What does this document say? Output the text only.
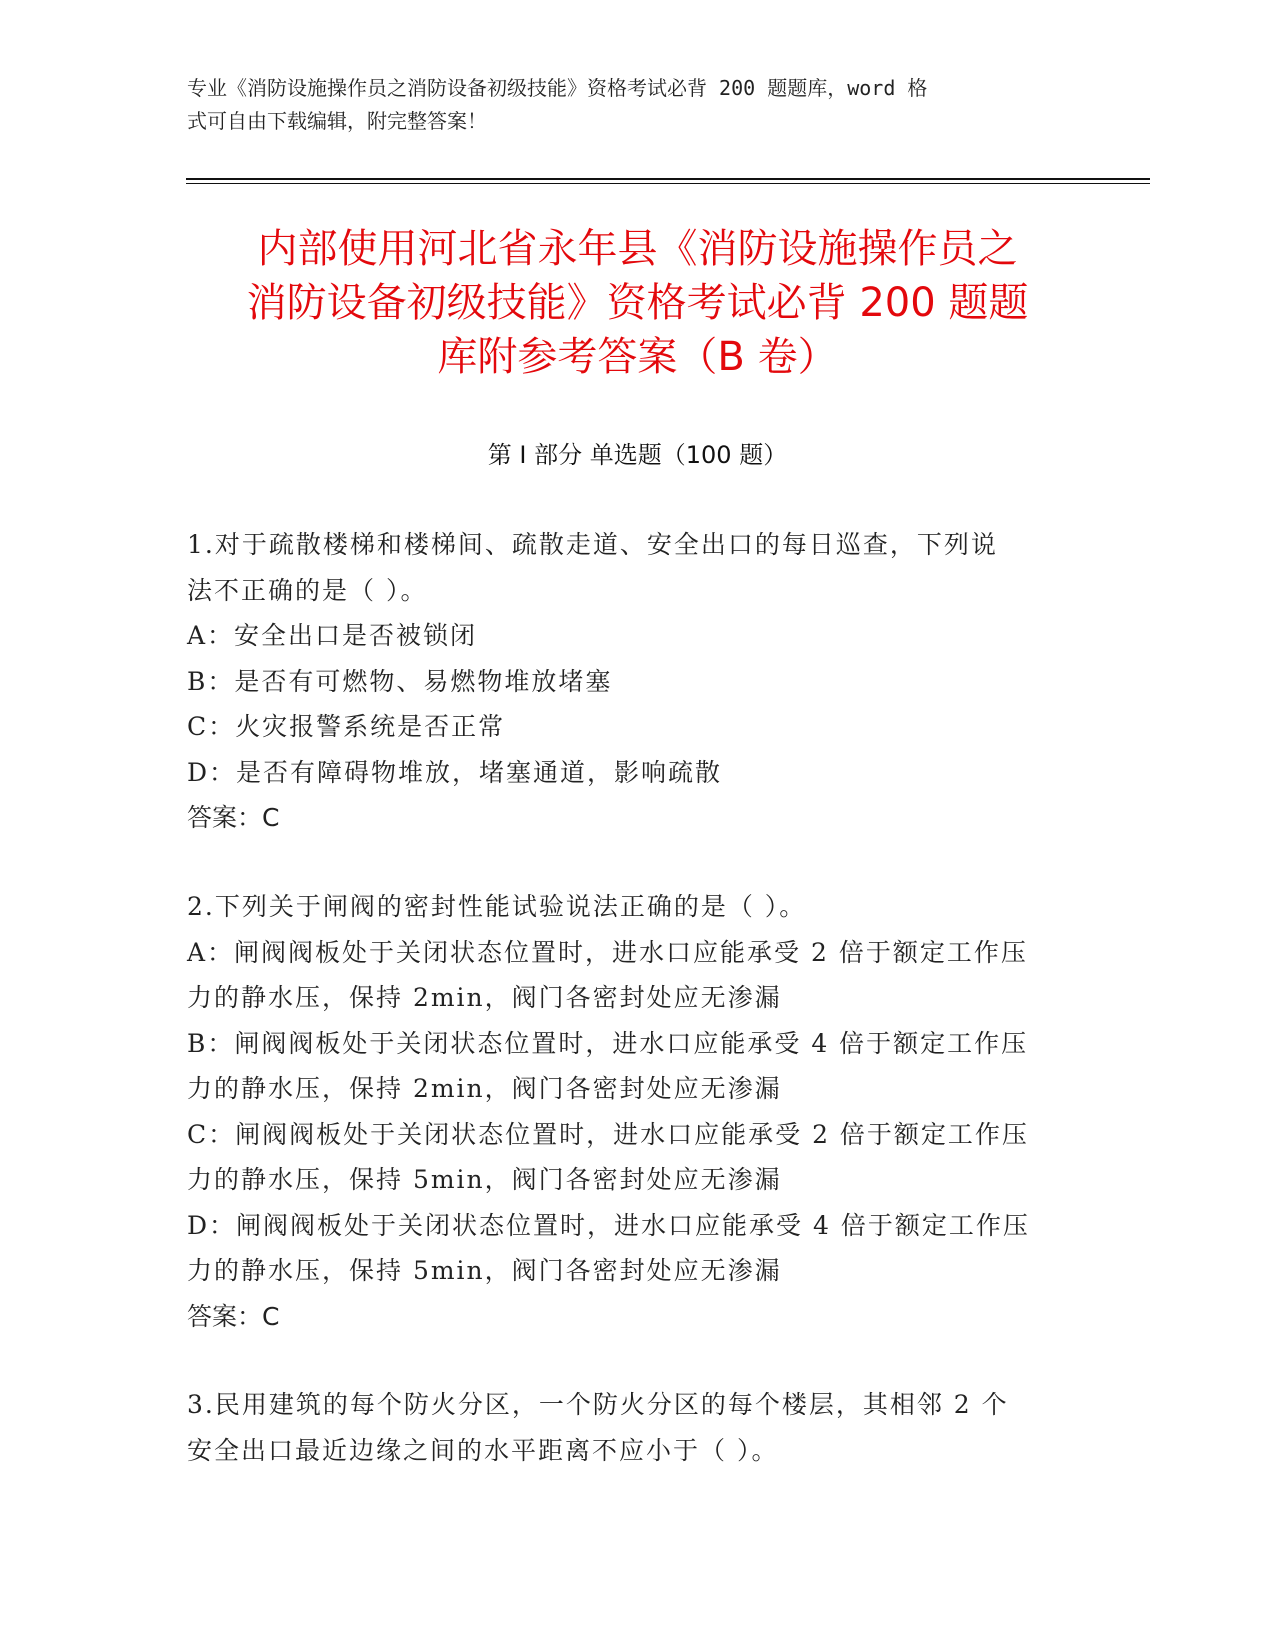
专业《消防设施操作员之消防设备初级技能》资格考试必背 200 题题库，word 格
式可自由下载编辑，附完整答案！
内部使用河北省永年县《消防设施操作员之
消防设备初级技能》资格考试必背 200 题题
库附参考答案（B 卷）
第 I 部分 单选题（100 题）

1.对于疏散楼梯和楼梯间、疏散走道、安全出口的每日巡查，下列说

法不正确的是（ ）。

A：安全出口是否被锁闭

B：是否有可燃物、易燃物堆放堵塞

C：火灾报警系统是否正常

D：是否有障碍物堆放，堵塞通道，影响疏散

答案：C

2.下列关于闸阀的密封性能试验说法正确的是（ ）。

A：闸阀阀板处于关闭状态位置时，进水口应能承受 2 倍于额定工作压

力的静水压，保持 2min，阀门各密封处应无渗漏

B：闸阀阀板处于关闭状态位置时，进水口应能承受 4 倍于额定工作压

力的静水压，保持 2min，阀门各密封处应无渗漏

C：闸阀阀板处于关闭状态位置时，进水口应能承受 2 倍于额定工作压

力的静水压，保持 5min，阀门各密封处应无渗漏

D：闸阀阀板处于关闭状态位置时，进水口应能承受 4 倍于额定工作压

力的静水压，保持 5min，阀门各密封处应无渗漏

答案：C

3.民用建筑的每个防火分区，一个防火分区的每个楼层，其相邻 2 个

安全出口最近边缘之间的水平距离不应小于（ ）。
